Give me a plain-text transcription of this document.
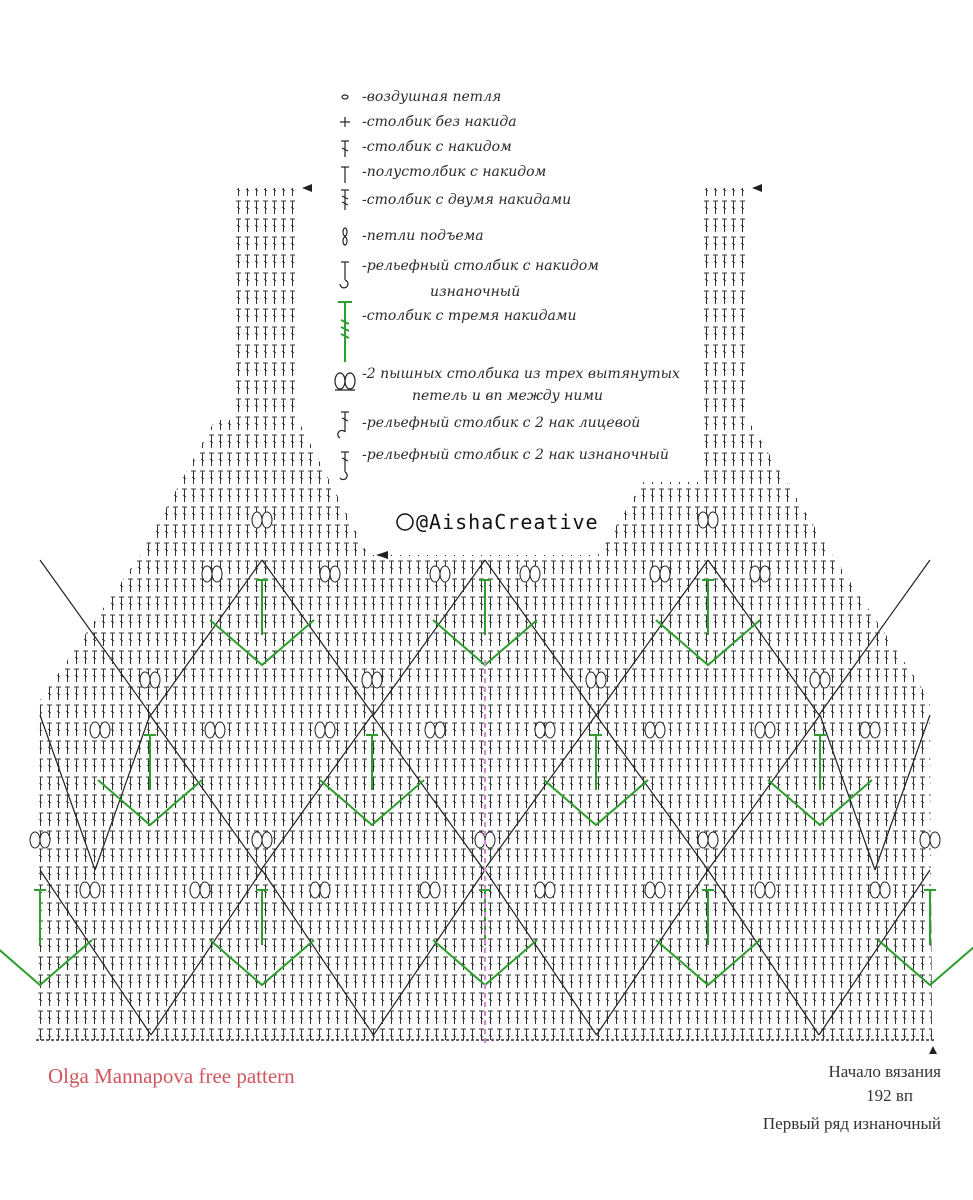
-воздушная петля
-столбик без накида
-столбик с накидом
-полустолбик с накидом
-столбик с двумя накидами
-петли подъема
-рельефный столбик с накидом
изнаночный
-столбик с тремя накидами
-2 пышных столбика из трех вытянутых
петель и вп между ними
-рельефный столбик с 2 нак лицевой
-рельефный столбик с 2 нак изнаночный
@AishaCreative
Olga Mannapova free pattern	Начало вязания
192 вп
Первый ряд изнаночный
